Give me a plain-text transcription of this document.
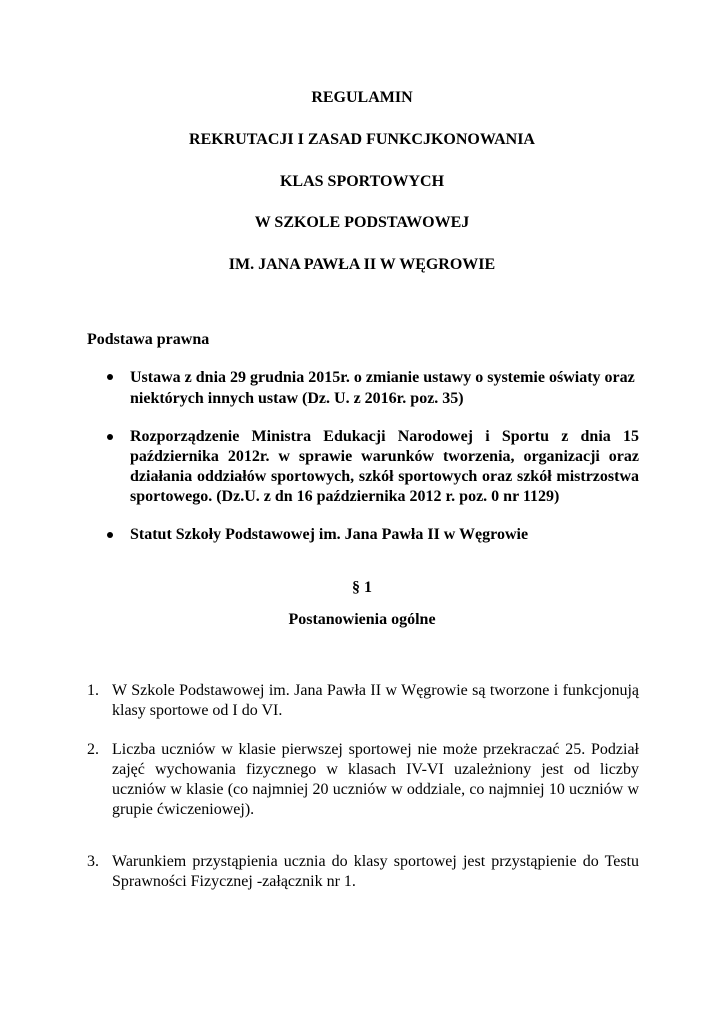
REGULAMIN
REKRUTACJI I ZASAD FUNKCJKONOWANIA
KLAS SPORTOWYCH
W SZKOLE PODSTAWOWEJ
IM. JANA PAWŁA II W WĘGROWIE
Podstawa prawna
Ustawa z dnia 29 grudnia 2015r. o zmianie ustawy o systemie oświaty oraz niektórych innych ustaw (Dz. U. z 2016r. poz. 35)
Rozporządzenie Ministra Edukacji Narodowej i Sportu z dnia 15 października 2012r. w sprawie warunków tworzenia, organizacji oraz działania oddziałów sportowych, szkół sportowych oraz szkół mistrzostwa sportowego. (Dz.U. z dn 16 października 2012 r. poz. 0 nr 1129)
Statut Szkoły Podstawowej im. Jana Pawła II w Węgrowie
§ 1
Postanowienia ogólne
1. W Szkole Podstawowej im. Jana Pawła II w Węgrowie są tworzone i funkcjonują klasy sportowe od I do VI.
2. Liczba uczniów w klasie pierwszej sportowej nie może przekraczać 25. Podział zajęć wychowania fizycznego w klasach IV-VI uzależniony jest od liczby uczniów w klasie (co najmniej 20 uczniów w oddziale, co najmniej 10 uczniów w grupie ćwiczeniowej).
3. Warunkiem przystąpienia ucznia do klasy sportowej jest przystąpienie do Testu Sprawności Fizycznej -załącznik nr 1.
